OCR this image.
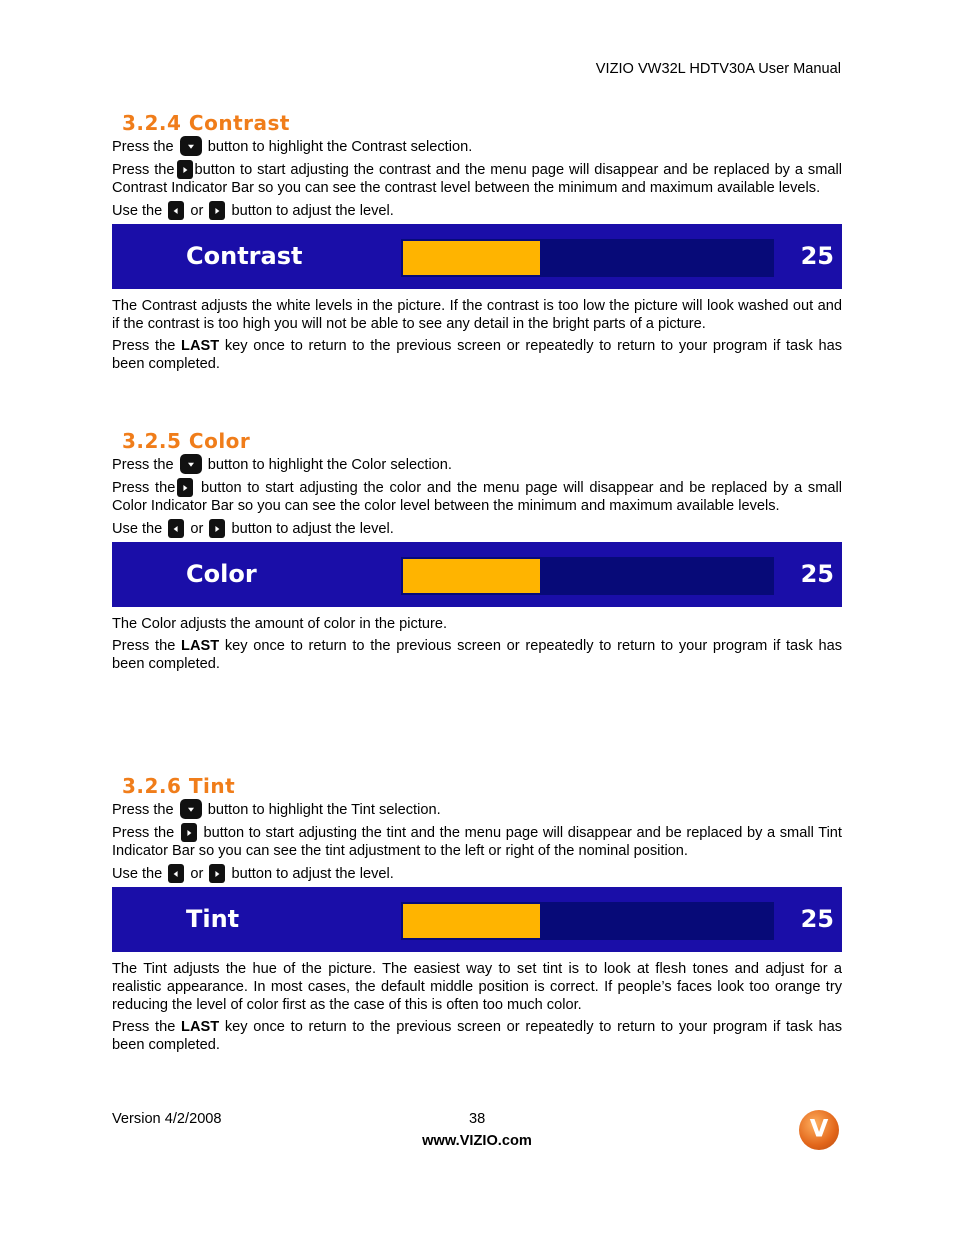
VIZIO VW32L HDTV30A User Manual
3.2.4 Contrast

Press the
button to highlight the Contrast selection.

Press the button to start adjusting the contrast and the menu page will disappear and be replaced by a small Contrast Indicator Bar so you can see the contrast level between the minimum and maximum available levels.

Use the or
button to adjust the level.

Contrast	25

The Contrast adjusts the white levels in the picture. If the contrast is too low the picture will look washed out and if the contrast is too high you will not be able to see any detail in the bright parts of a picture.

Press the LAST key once to return to the previous screen or repeatedly to return to your program if task has been completed.

3.2.5 Color

Press the
button to highlight the Color selection.

Press the
button to start adjusting the color and the menu page will disappear and be replaced by a small Color Indicator Bar so you can see the color level between the minimum and maximum available levels.

Use the or
button to adjust the level.

Color	25

The Color adjusts the amount of color in the picture.

Press the LAST key once to return to the previous screen or repeatedly to return to your program if task has been completed.

3.2.6 Tint

Press the
button to highlight the Tint selection.

Press the
button to start adjusting the tint and the menu page will disappear and be replaced by a small Tint Indicator Bar so you can see the tint adjustment to the left or right of the nominal position.

Use the or
button to adjust the level.

Tint	25

The Tint adjusts the hue of the picture. The easiest way to set tint is to look at flesh tones and adjust for a realistic appearance. In most cases, the default middle position is correct. If people’s faces look too orange try reducing the level of color first as the case of this is often too much color.

Press the LAST key once to return to the previous screen or repeatedly to return to your program if task has been completed.

Version 4/2/2008	38
www.VIZIO.com	V
